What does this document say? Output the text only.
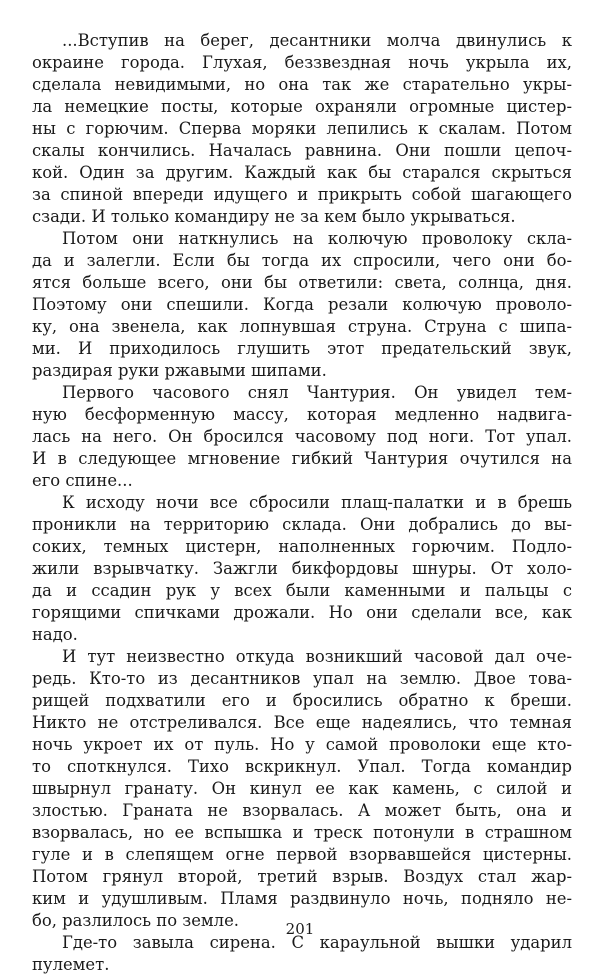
...Вступив на берег, десантники молча двинулись к
окраине города. Глухая, беззвездная ночь укрыла их,
сделала невидимыми, но она так же старательно укры-
ла немецкие посты, которые охраняли огромные цистер-
ны с горючим. Сперва моряки лепились к скалам. Потом
скалы кончились. Началась равнина. Они пошли цепоч-
кой. Один за другим. Каждый как бы старался скрыться
за спиной впереди идущего и прикрыть собой шагающего
сзади. И только командиру не за кем было укрываться.
Потом они наткнулись на колючую проволоку скла-
да и залегли. Если бы тогда их спросили, чего они бо-
ятся больше всего, они бы ответили: света, солнца, дня.
Поэтому они спешили. Когда резали колючую проволо-
ку, она звенела, как лопнувшая струна. Струна с шипа-
ми. И приходилось глушить этот предательский звук,
раздирая руки ржавыми шипами.
Первого часового снял Чантурия. Он увидел тем-
ную бесформенную массу, которая медленно надвига-
лась на него. Он бросился часовому под ноги. Тот упал.
И в следующее мгновение гибкий Чантурия очутился на
его спине...
К исходу ночи все сбросили плащ-палатки и в брешь
проникли на территорию склада. Они добрались до вы-
соких, темных цистерн, наполненных горючим. Подло-
жили взрывчатку. Зажгли бикфордовы шнуры. От холо-
да и ссадин рук у всех были каменными и пальцы с
горящими спичками дрожали. Но они сделали все, как
надо.
И тут неизвестно откуда возникший часовой дал оче-
редь. Кто-то из десантников упал на землю. Двое това-
рищей подхватили его и бросились обратно к бреши.
Никто не отстреливался. Все еще надеялись, что темная
ночь укроет их от пуль. Но у самой проволоки еще кто-
то споткнулся. Тихо вскрикнул. Упал. Тогда командир
швырнул гранату. Он кинул ее как камень, с силой и
злостью. Граната не взорвалась. А может быть, она и
взорвалась, но ее вспышка и треск потонули в страшном
гуле и в слепящем огне первой взорвавшейся цистерны.
Потом грянул второй, третий взрыв. Воздух стал жар-
ким и удушливым. Пламя раздвинуло ночь, подняло не-
бо, разлилось по земле.
Где-то завыла сирена. С караульной вышки ударил
пулемет.
201
